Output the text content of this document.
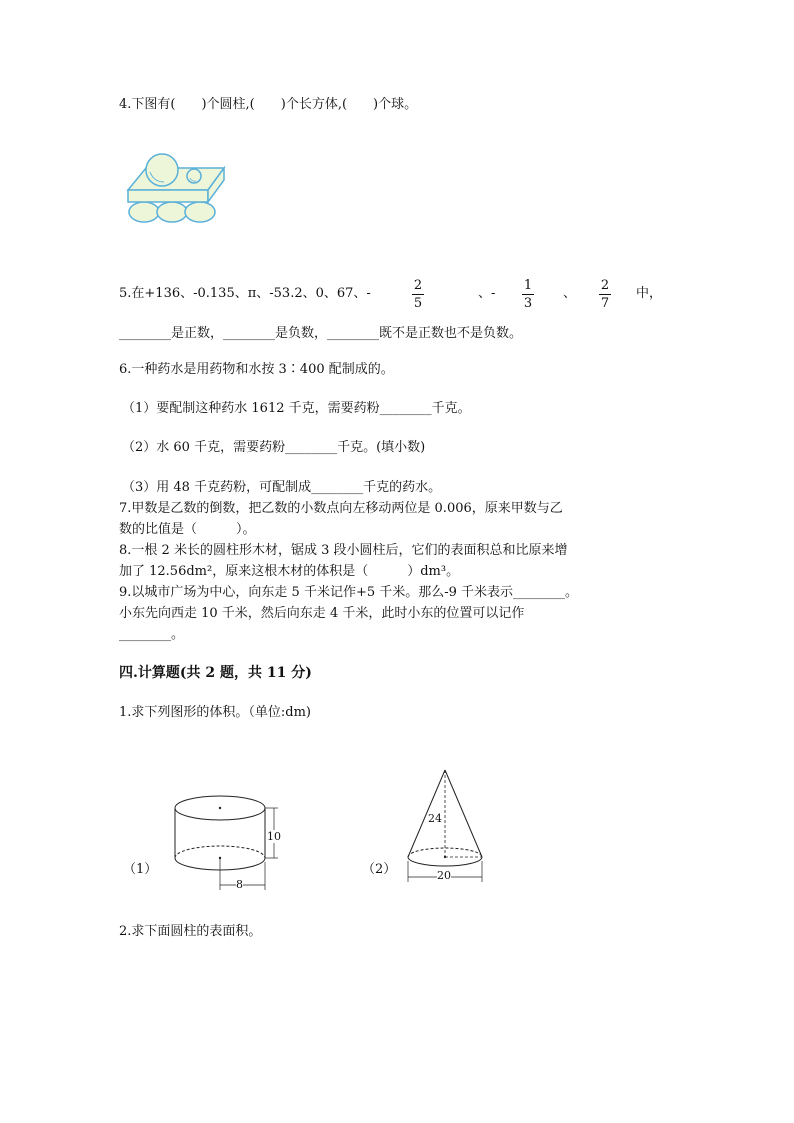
4.下图有(　　)个圆柱,(　　)个长方体,(　　)个球。
5.在+136、-0.135、π、-53.2、0、67、-
2
5
、-
1
3
、
2
7
中，
________是正数，________是负数，________既不是正数也不是负数。
6.一种药水是用药物和水按 3∶400 配制成的。
（1）要配制这种药水 1612 千克，需要药粉________千克。
（2）水 60 千克，需要药粉________千克。(填小数)
（3）用 48 千克药粉，可配制成________千克的药水。
7.甲数是乙数的倒数，把乙数的小数点向左移动两位是 0.006，原来甲数与乙
数的比值是（　　　）。
8.一根 2 米长的圆柱形木材，锯成 3 段小圆柱后，它们的表面积总和比原来增
加了 12.56dm²，原来这根木材的体积是（　　　）dm³。
9.以城市广场为中心，向东走 5 千米记作+5 千米。那么-9 千米表示________。
小东先向西走 10 千米，然后向东走 4 千米，此时小东的位置可以记作
________。
四.计算题(共 2 题，共 11 分)
1.求下列图形的体积。（单位:dm)
（1）
10
8
（2）
24
20
2.求下面圆柱的表面积。
